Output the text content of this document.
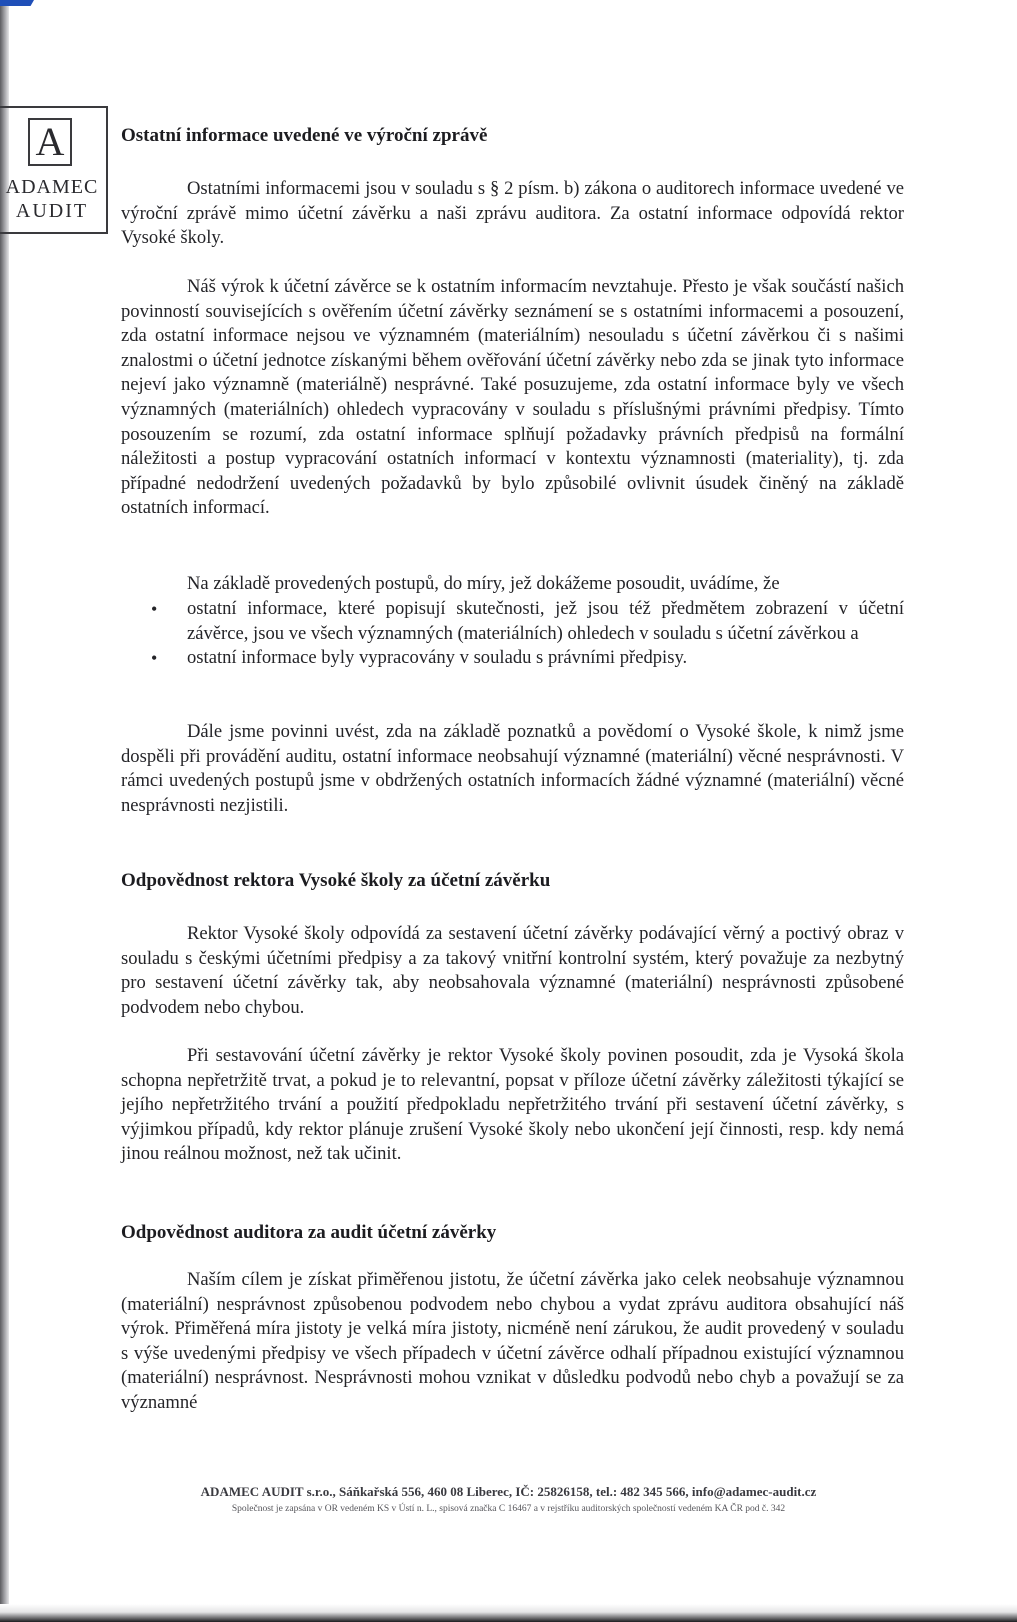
A
ADAMEC
AUDIT
Ostatní informace uvedené ve výroční zprávě

Ostatními informacemi jsou v souladu s § 2 písm. b) zákona o auditorech informace uvedené ve výroční zprávě mimo účetní závěrku a naši zprávu auditora. Za ostatní informace odpovídá rektor Vysoké školy.

Náš výrok k účetní závěrce se k ostatním informacím nevztahuje. Přesto je však součástí našich povinností souvisejících s ověřením účetní závěrky seznámení se s ostatními informacemi a posouzení, zda ostatní informace nejsou ve významném (materiálním) nesouladu s účetní závěrkou či s našimi znalostmi o účetní jednotce získanými během ověřování účetní závěrky nebo zda se jinak tyto informace nejeví jako významně (materiálně) nesprávné. Také posuzujeme, zda ostatní informace byly ve všech významných (materiálních) ohledech vypracovány v souladu s příslušnými právními předpisy. Tímto posouzením se rozumí, zda ostatní informace splňují požadavky právních předpisů na formální náležitosti a postup vypracování ostatních informací v kontextu významnosti (materiality), tj. zda případné nedodržení uvedených požadavků by bylo způsobilé ovlivnit úsudek činěný na základě ostatních informací.

Na základě provedených postupů, do míry, jež dokážeme posoudit, uvádíme, že

• ostatní informace, které popisují skutečnosti, jež jsou též předmětem zobrazení v účetní závěrce, jsou ve všech významných (materiálních) ohledech v souladu s účetní závěrkou a
• ostatní informace byly vypracovány v souladu s právními předpisy.

Dále jsme povinni uvést, zda na základě poznatků a povědomí o Vysoké škole, k nimž jsme dospěli při provádění auditu, ostatní informace neobsahují významné (materiální) věcné nesprávnosti. V rámci uvedených postupů jsme v obdržených ostatních informacích žádné významné (materiální) věcné nesprávnosti nezjistili.

Odpovědnost rektora Vysoké školy za účetní závěrku

Rektor Vysoké školy odpovídá za sestavení účetní závěrky podávající věrný a poctivý obraz v souladu s českými účetními předpisy a za takový vnitřní kontrolní systém, který považuje za nezbytný pro sestavení účetní závěrky tak, aby neobsahovala významné (materiální) nesprávnosti způsobené podvodem nebo chybou.

Při sestavování účetní závěrky je rektor Vysoké školy povinen posoudit, zda je Vysoká škola schopna nepřetržitě trvat, a pokud je to relevantní, popsat v příloze účetní závěrky záležitosti týkající se jejího nepřetržitého trvání a použití předpokladu nepřetržitého trvání při sestavení účetní závěrky, s výjimkou případů, kdy rektor plánuje zrušení Vysoké školy nebo ukončení její činnosti, resp. kdy nemá jinou reálnou možnost, než tak učinit.

Odpovědnost auditora za audit účetní závěrky

Naším cílem je získat přiměřenou jistotu, že účetní závěrka jako celek neobsahuje významnou (materiální) nesprávnost způsobenou podvodem nebo chybou a vydat zprávu auditora obsahující náš výrok. Přiměřená míra jistoty je velká míra jistoty, nicméně není zárukou, že audit provedený v souladu s výše uvedenými předpisy ve všech případech v účetní závěrce odhalí případnou existující významnou (materiální) nesprávnost. Nesprávnosti mohou vznikat v důsledku podvodů nebo chyb a považují se za významné

ADAMEC AUDIT s.r.o., Sáňkařská 556, 460 08 Liberec, IČ: 25826158, tel.: 482 345 566, info@adamec-audit.cz
Společnost je zapsána v OR vedeném KS v Ústí n. L., spisová značka C 16467 a v rejstříku auditorských společností vedeném KA ČR pod č. 342
